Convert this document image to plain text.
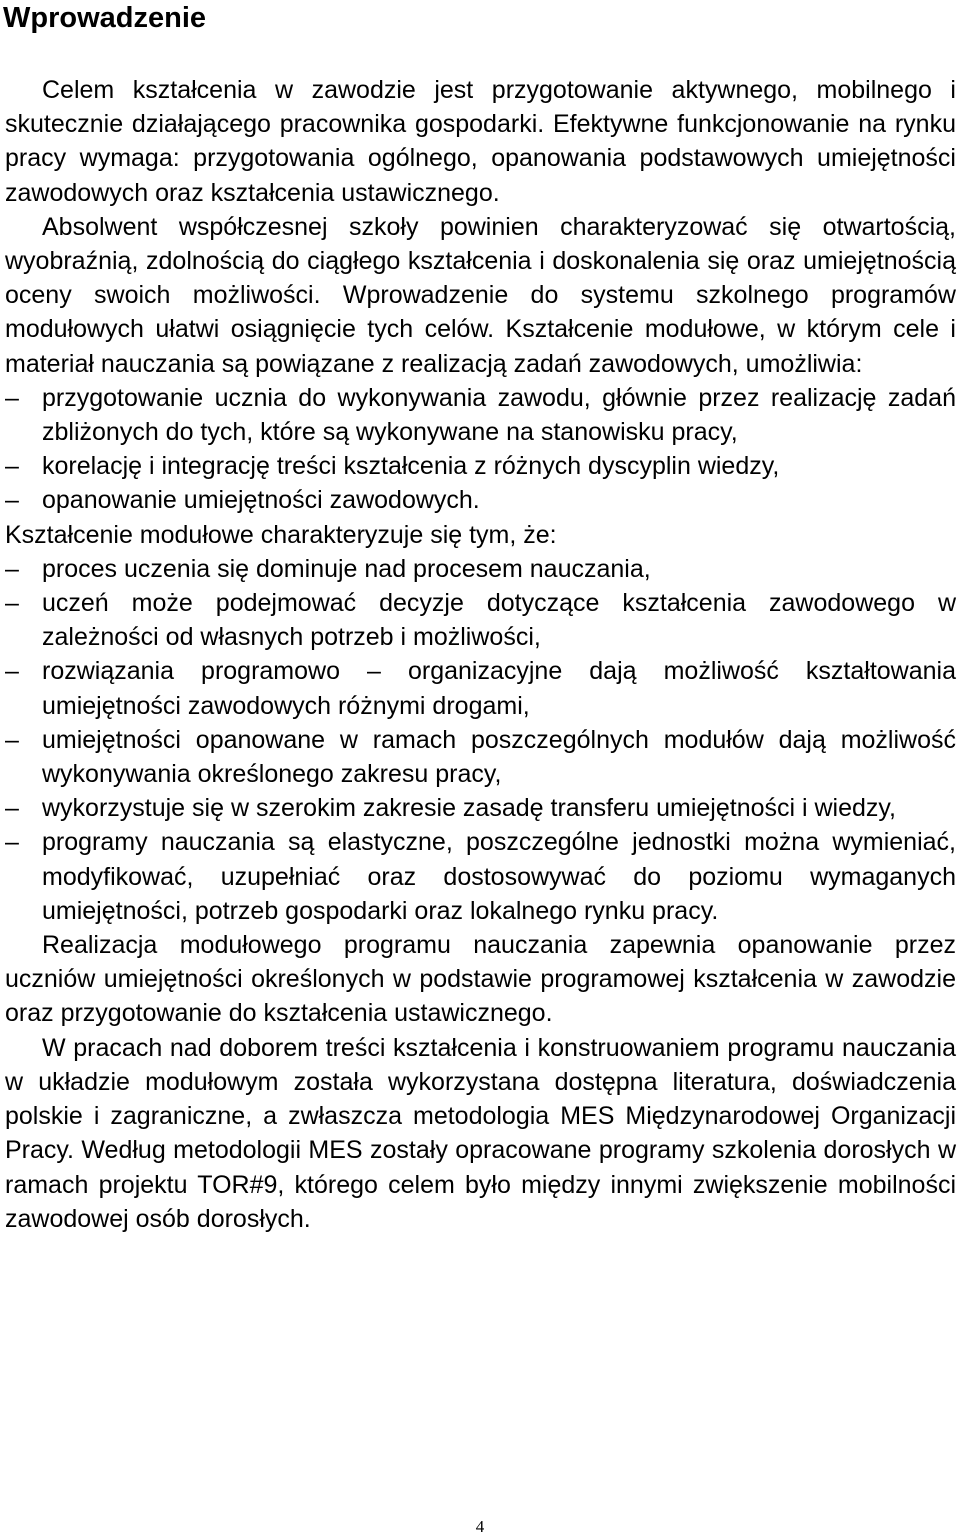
Wprowadzenie

Celem kształcenia w zawodzie jest przygotowanie aktywnego, mobilnego i skutecznie działającego pracownika gospodarki. Efektywne funkcjonowanie na rynku pracy wymaga: przygotowania ogólnego, opanowania podstawowych umiejętności zawodowych oraz kształcenia ustawicznego.

Absolwent współczesnej szkoły powinien charakteryzować się otwartością, wyobraźnią, zdolnością do ciągłego kształcenia i doskonalenia się oraz umiejętnością oceny swoich możliwości. Wprowadzenie do systemu szkolnego programów modułowych ułatwi osiągnięcie tych celów. Kształcenie modułowe, w którym cele i materiał nauczania są powiązane z realizacją zadań zawodowych, umożliwia:

– przygotowanie ucznia do wykonywania zawodu, głównie przez realizację zadań zbliżonych do tych, które są wykonywane na stanowisku pracy,
– korelację i integrację treści kształcenia z różnych dyscyplin wiedzy,
– opanowanie umiejętności zawodowych.

Kształcenie modułowe charakteryzuje się tym, że:

– proces uczenia się dominuje nad procesem nauczania,
– uczeń może podejmować decyzje dotyczące kształcenia zawodowego w zależności od własnych potrzeb i możliwości,
– rozwiązania programowo – organizacyjne dają możliwość kształtowania umiejętności zawodowych różnymi drogami,
– umiejętności opanowane w ramach poszczególnych modułów dają możliwość wykonywania określonego zakresu pracy,
– wykorzystuje się w szerokim zakresie zasadę transferu umiejętności i wiedzy,
– programy nauczania są elastyczne, poszczególne jednostki można wymieniać, modyfikować, uzupełniać oraz dostosowywać do poziomu wymaganych umiejętności, potrzeb gospodarki oraz lokalnego rynku pracy.

Realizacja modułowego programu nauczania zapewnia opanowanie przez uczniów umiejętności określonych w podstawie programowej kształcenia w zawodzie oraz przygotowanie do kształcenia ustawicznego.

W pracach nad doborem treści kształcenia i konstruowaniem programu nauczania w układzie modułowym została wykorzystana dostępna literatura, doświadczenia polskie i zagraniczne, a zwłaszcza metodologia MES Międzynarodowej Organizacji Pracy. Według metodologii MES zostały opracowane programy szkolenia dorosłych w ramach projektu TOR#9, którego celem było między innymi zwiększenie mobilności zawodowej osób dorosłych.

4
